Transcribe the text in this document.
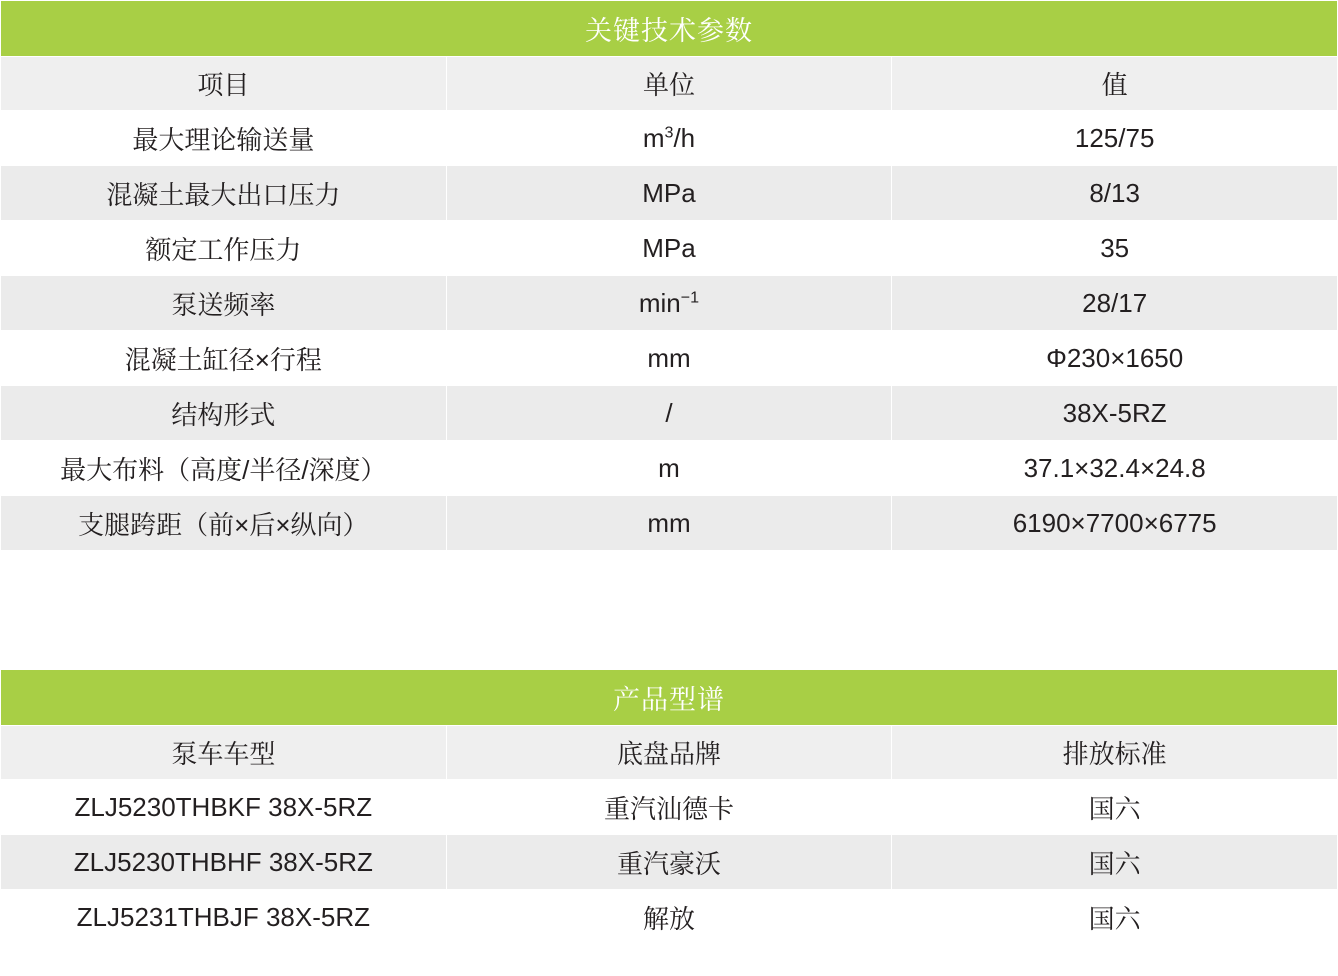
关键技术参数		
项目	单位	值
最大理论输送量	$m^3/h$	125/75
混凝土最大出口压力	MPa	8/13
额定工作压力	MPa	35
泵送频率	$\min^{-1}$	28/17
混凝土缸径×行程	mm	Φ230×1650
结构形式	/	38X-5RZ
最大布料（高度/半径/深度）	m	37.1×32.4×24.8
支腿跨距（前×后×纵向）	mm	6190×7700×6775
产品型谱		
泵车车型	底盘品牌	排放标准
ZLJ5230THBKF 38X-5RZ	重汽汕德卡	国六
ZLJ5230THBHF 38X-5RZ	重汽豪沃	国六
ZLJ5231THBJF 38X-5RZ	解放	国六
